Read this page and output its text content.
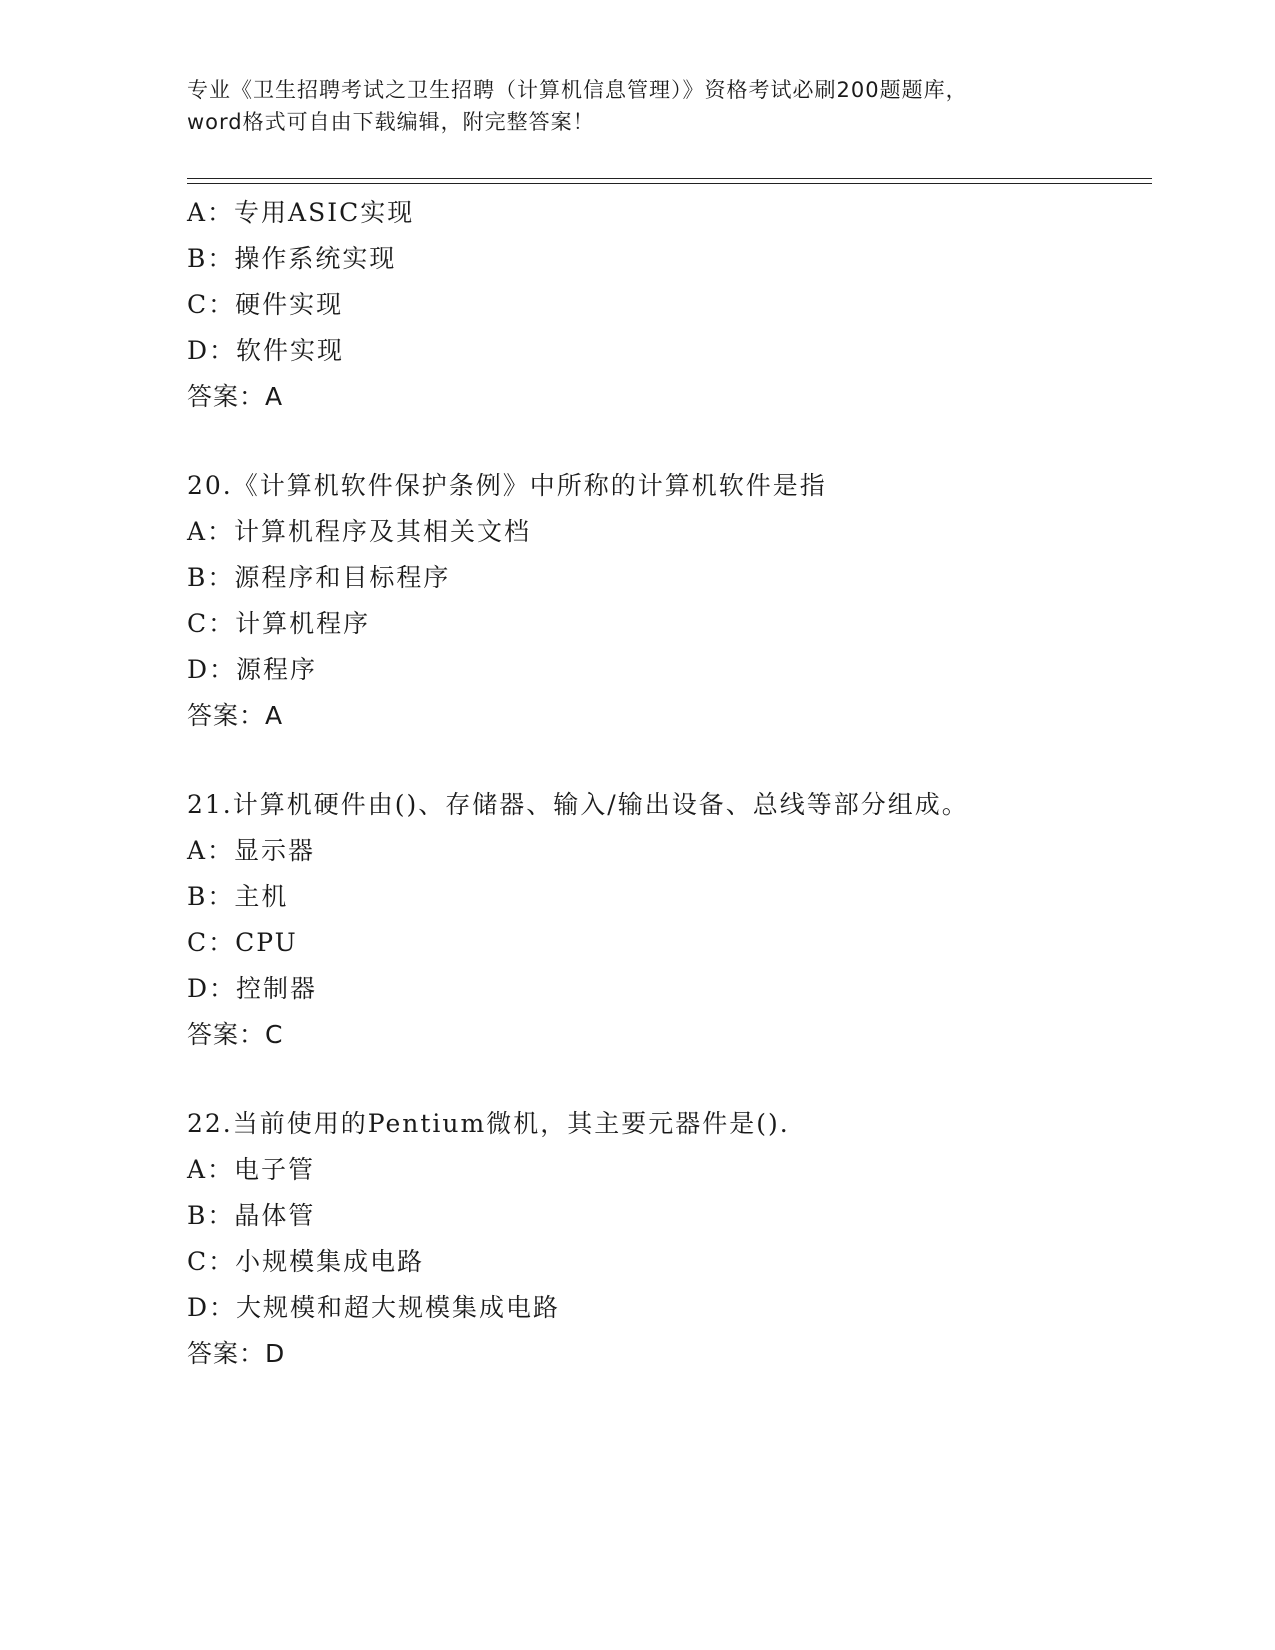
专业《卫生招聘考试之卫生招聘（计算机信息管理）》资格考试必刷200题题库，
word格式可自由下载编辑，附完整答案！
A：专用ASIC实现
B：操作系统实现
C：硬件实现
D：软件实现
答案：A
20.《计算机软件保护条例》中所称的计算机软件是指
A：计算机程序及其相关文档
B：源程序和目标程序
C：计算机程序
D：源程序
答案：A
21.计算机硬件由()、存储器、输入/输出设备、总线等部分组成。
A：显示器
B：主机
C：CPU
D：控制器
答案：C
22.当前使用的Pentium微机，其主要元器件是().
A：电子管
B：晶体管
C：小规模集成电路
D：大规模和超大规模集成电路
答案：D
